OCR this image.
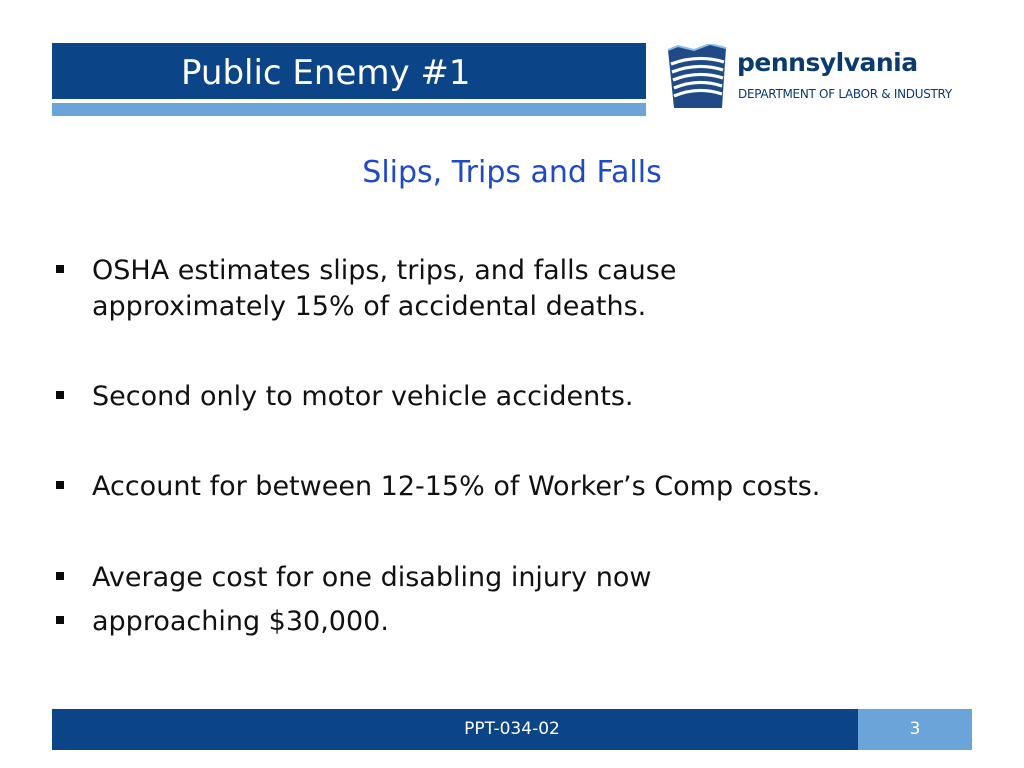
Public Enemy #1	pennsylvania
DEPARTMENT OF LABOR & INDUSTRY
Slips, Trips and Falls
OSHA estimates slips, trips, and falls cause
approximately 15% of accidental deaths.
Second only to motor vehicle accidents.
Account for between 12-15% of Worker’s Comp costs.
Average cost for one disabling injury now
approaching $30,000.
PPT-034-02	3
